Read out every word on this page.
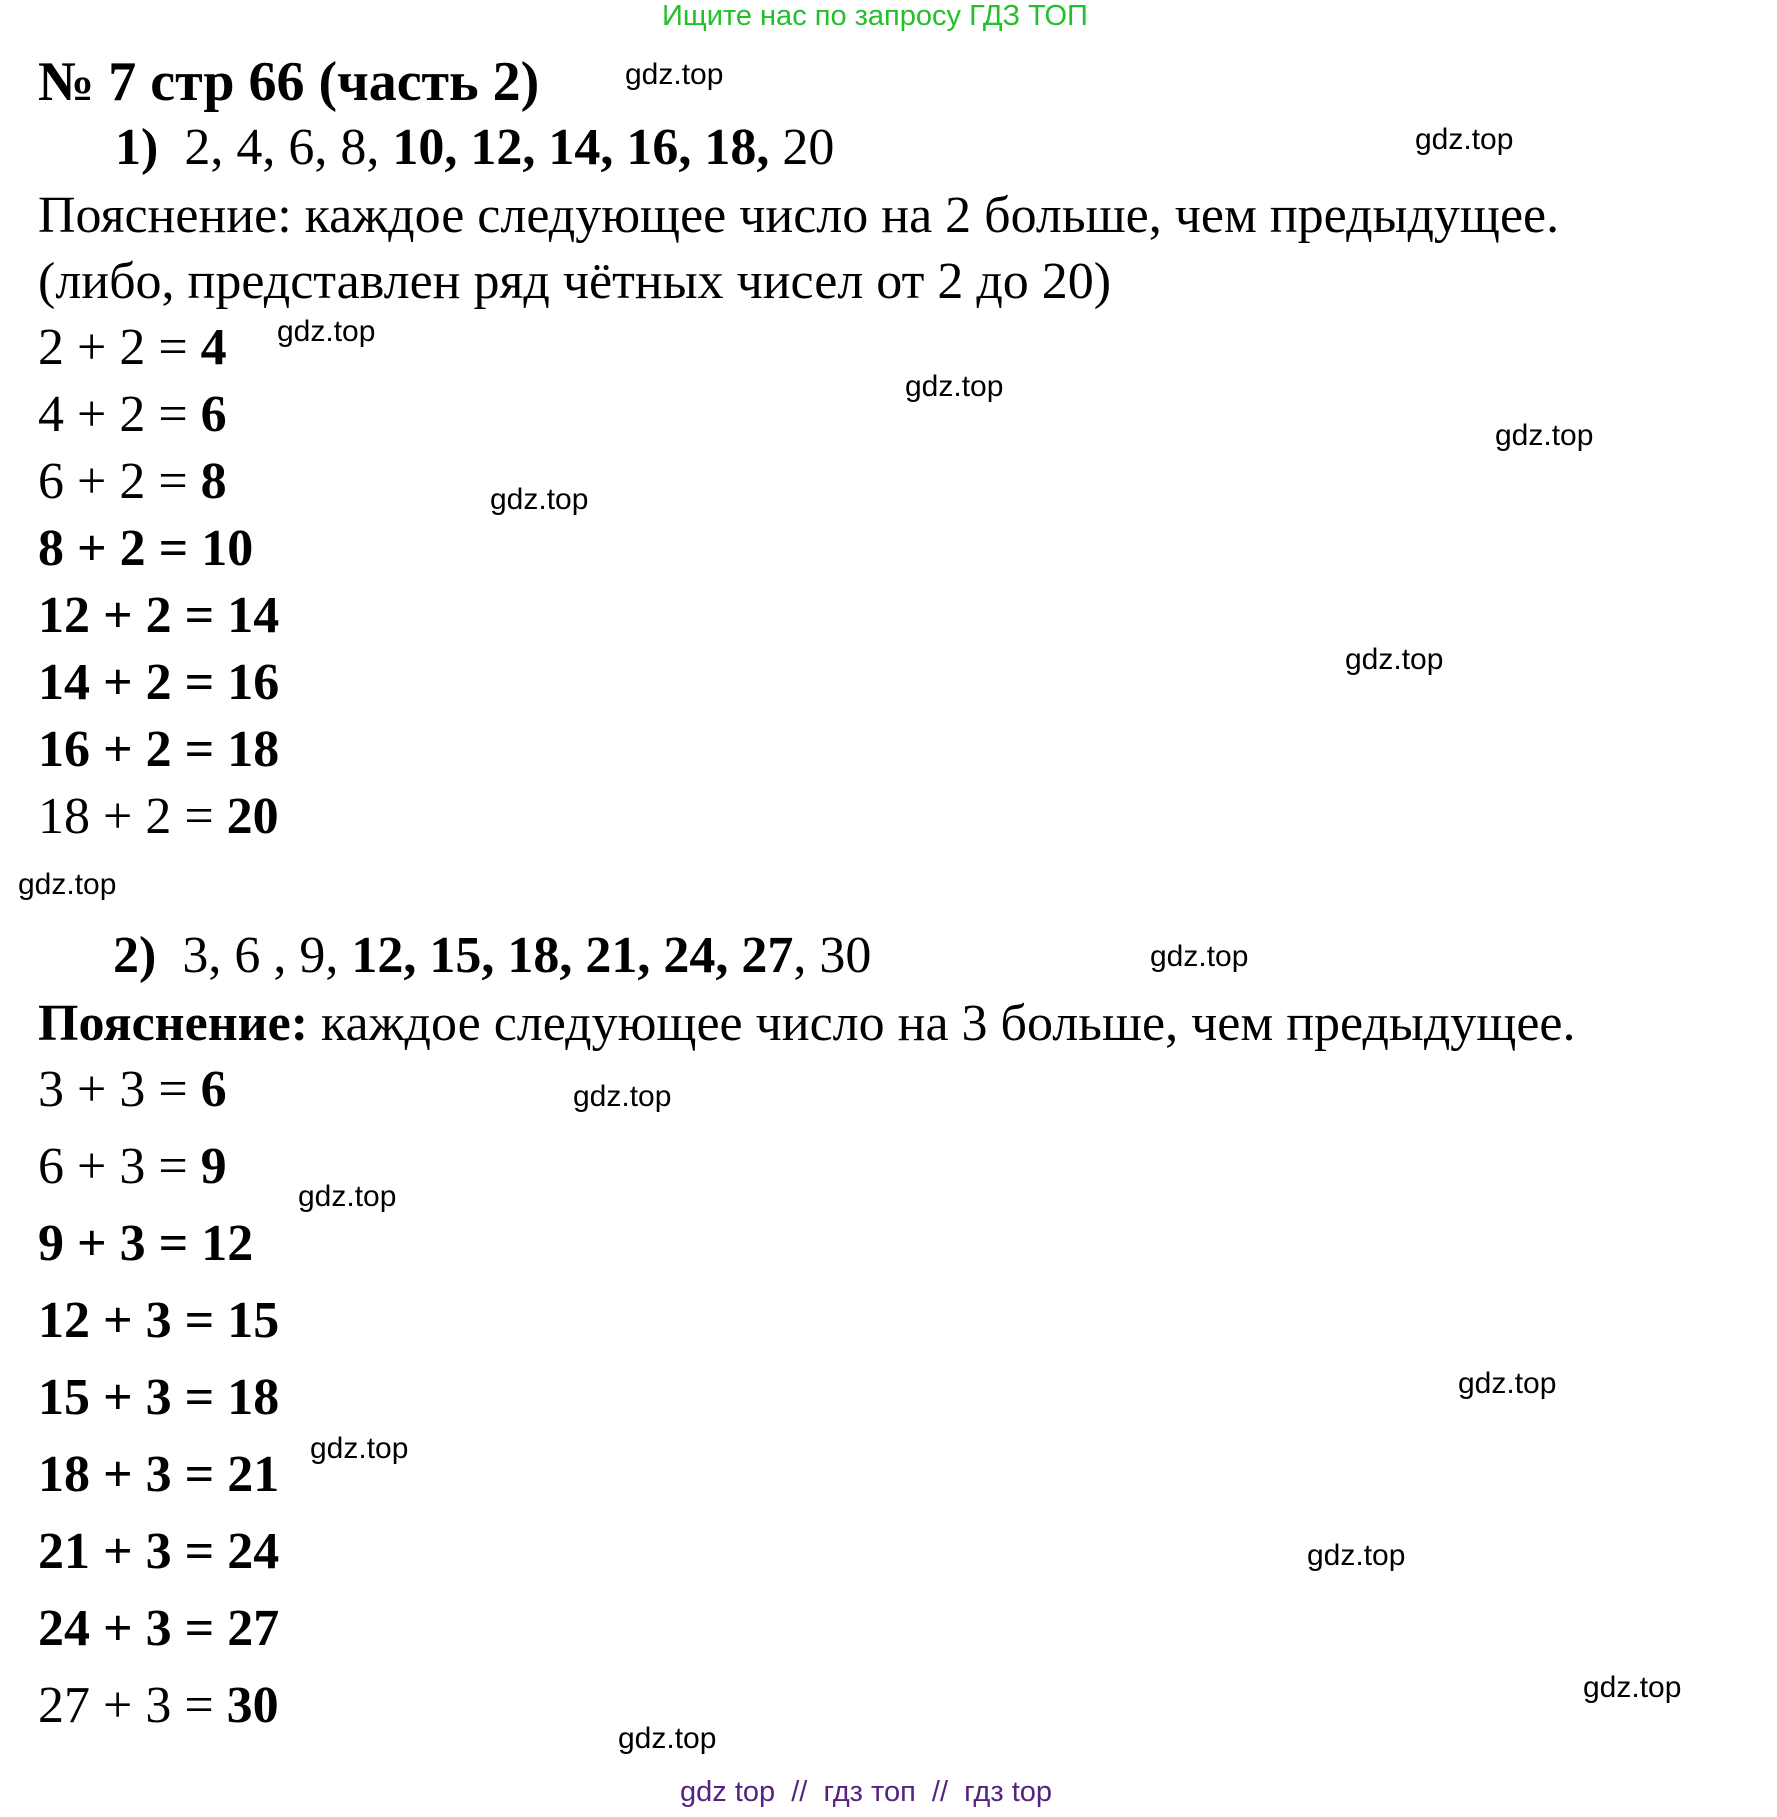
Ищите нас по запросу ГДЗ ТОП
№ 7 стр 66 (часть 2)
1) 2, 4, 6, 8, 10, 12, 14, 16, 18, 20
Пояснение: каждое следующее число на 2 больше, чем предыдущее.
(либо, представлен ряд чётных чисел от 2 до 20)
2 + 2 = 4
4 + 2 = 6
6 + 2 = 8
8 + 2 = 10
12 + 2 = 14
14 + 2 = 16
16 + 2 = 18
18 + 2 = 20
2) 3, 6 , 9, 12, 15, 18, 21, 24, 27, 30
Пояснение: каждое следующее число на 3 больше, чем предыдущее.
3 + 3 = 6
6 + 3 = 9
9 + 3 = 12
12 + 3 = 15
15 + 3 = 18
18 + 3 = 21
21 + 3 = 24
24 + 3 = 27
27 + 3 = 30
gdz.top
gdz.top
gdz.top
gdz.top
gdz.top
gdz.top
gdz.top
gdz.top
gdz.top
gdz.top
gdz.top
gdz.top
gdz.top
gdz.top
gdz.top
gdz.top
gdz top  //  гдз топ  //  гдз top
